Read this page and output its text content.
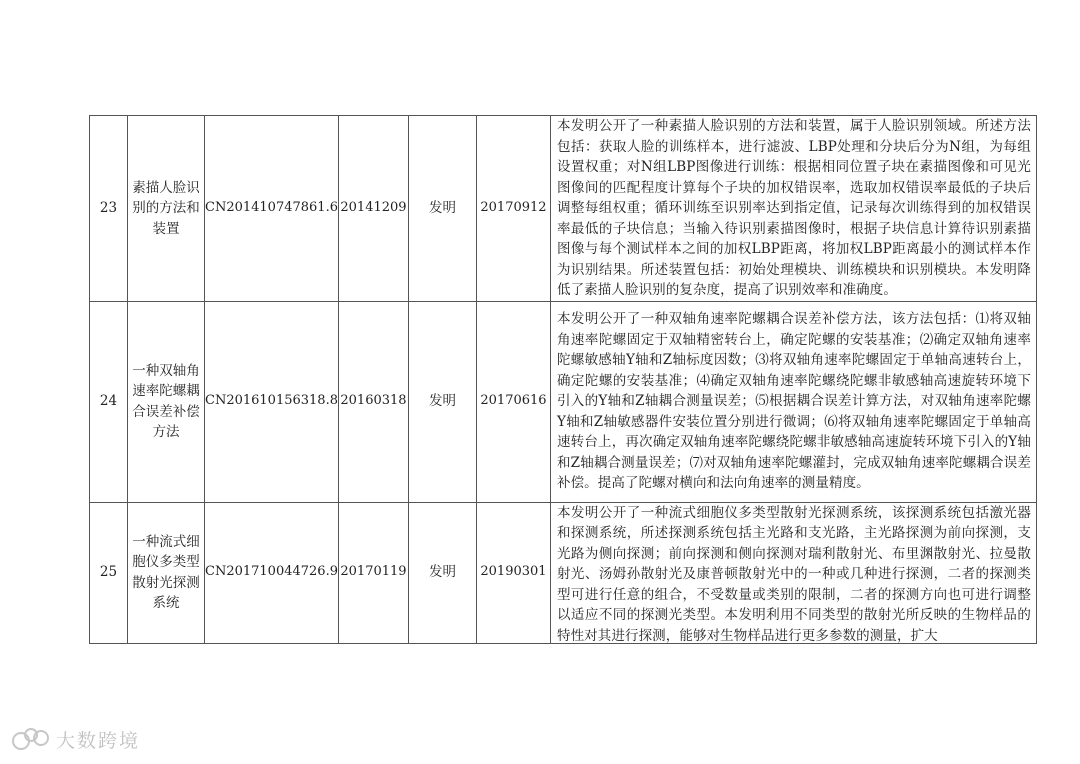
23	素描人脸识别的方法和装置	CN201410747861.6	20141209	发明	20170912	本发明公开了一种素描人脸识别的方法和装置，属于人脸识别领域。所述方法包括：获取人脸的训练样本，进行滤波、LBP处理和分块后分为N组，为每组设置权重；对N组LBP图像进行训练：根据相同位置子块在素描图像和可见光图像间的匹配程度计算每个子块的加权错误率，选取加权错误率最低的子块后调整每组权重；循环训练至识别率达到指定值，记录每次训练得到的加权错误率最低的子块信息；当输入待识别素描图像时，根据子块信息计算待识别素描图像与每个测试样本之间的加权LBP距离，将加权LBP距离最小的测试样本作为识别结果。所述装置包括：初始处理模块、训练模块和识别模块。本发明降低了素描人脸识别的复杂度，提高了识别效率和准确度。
24	一种双轴角速率陀螺耦合误差补偿方法	CN201610156318.8	20160318	发明	20170616	本发明公开了一种双轴角速率陀螺耦合误差补偿方法，该方法包括：⑴将双轴角速率陀螺固定于双轴精密转台上，确定陀螺的安装基准；⑵确定双轴角速率陀螺敏感轴Y轴和Z轴标度因数；⑶将双轴角速率陀螺固定于单轴高速转台上，确定陀螺的安装基准；⑷确定双轴角速率陀螺绕陀螺非敏感轴高速旋转环境下引入的Y轴和Z轴耦合测量误差；⑸根据耦合误差计算方法，对双轴角速率陀螺Y轴和Z轴敏感器件安装位置分别进行微调；⑹将双轴角速率陀螺固定于单轴高速转台上，再次确定双轴角速率陀螺绕陀螺非敏感轴高速旋转环境下引入的Y轴和Z轴耦合测量误差；⑺对双轴角速率陀螺灌封，完成双轴角速率陀螺耦合误差补偿。提高了陀螺对横向和法向角速率的测量精度。
25	一种流式细胞仪多类型散射光探测系统	CN201710044726.9	20170119	发明	20190301	本发明公开了一种流式细胞仪多类型散射光探测系统，该探测系统包括激光器和探测系统，所述探测系统包括主光路和支光路，主光路探测为前向探测，支光路为侧向探测；前向探测和侧向探测对瑞利散射光、布里渊散射光、拉曼散射光、汤姆孙散射光及康普顿散射光中的一种或几种进行探测，二者的探测类型可进行任意的组合，不受数量或类别的限制，二者的探测方向也可进行调整以适应不同的探测光类型。本发明利用不同类型的散射光所反映的生物样品的特性对其进行探测，能够对生物样品进行更多参数的测量，扩大
大数跨境
